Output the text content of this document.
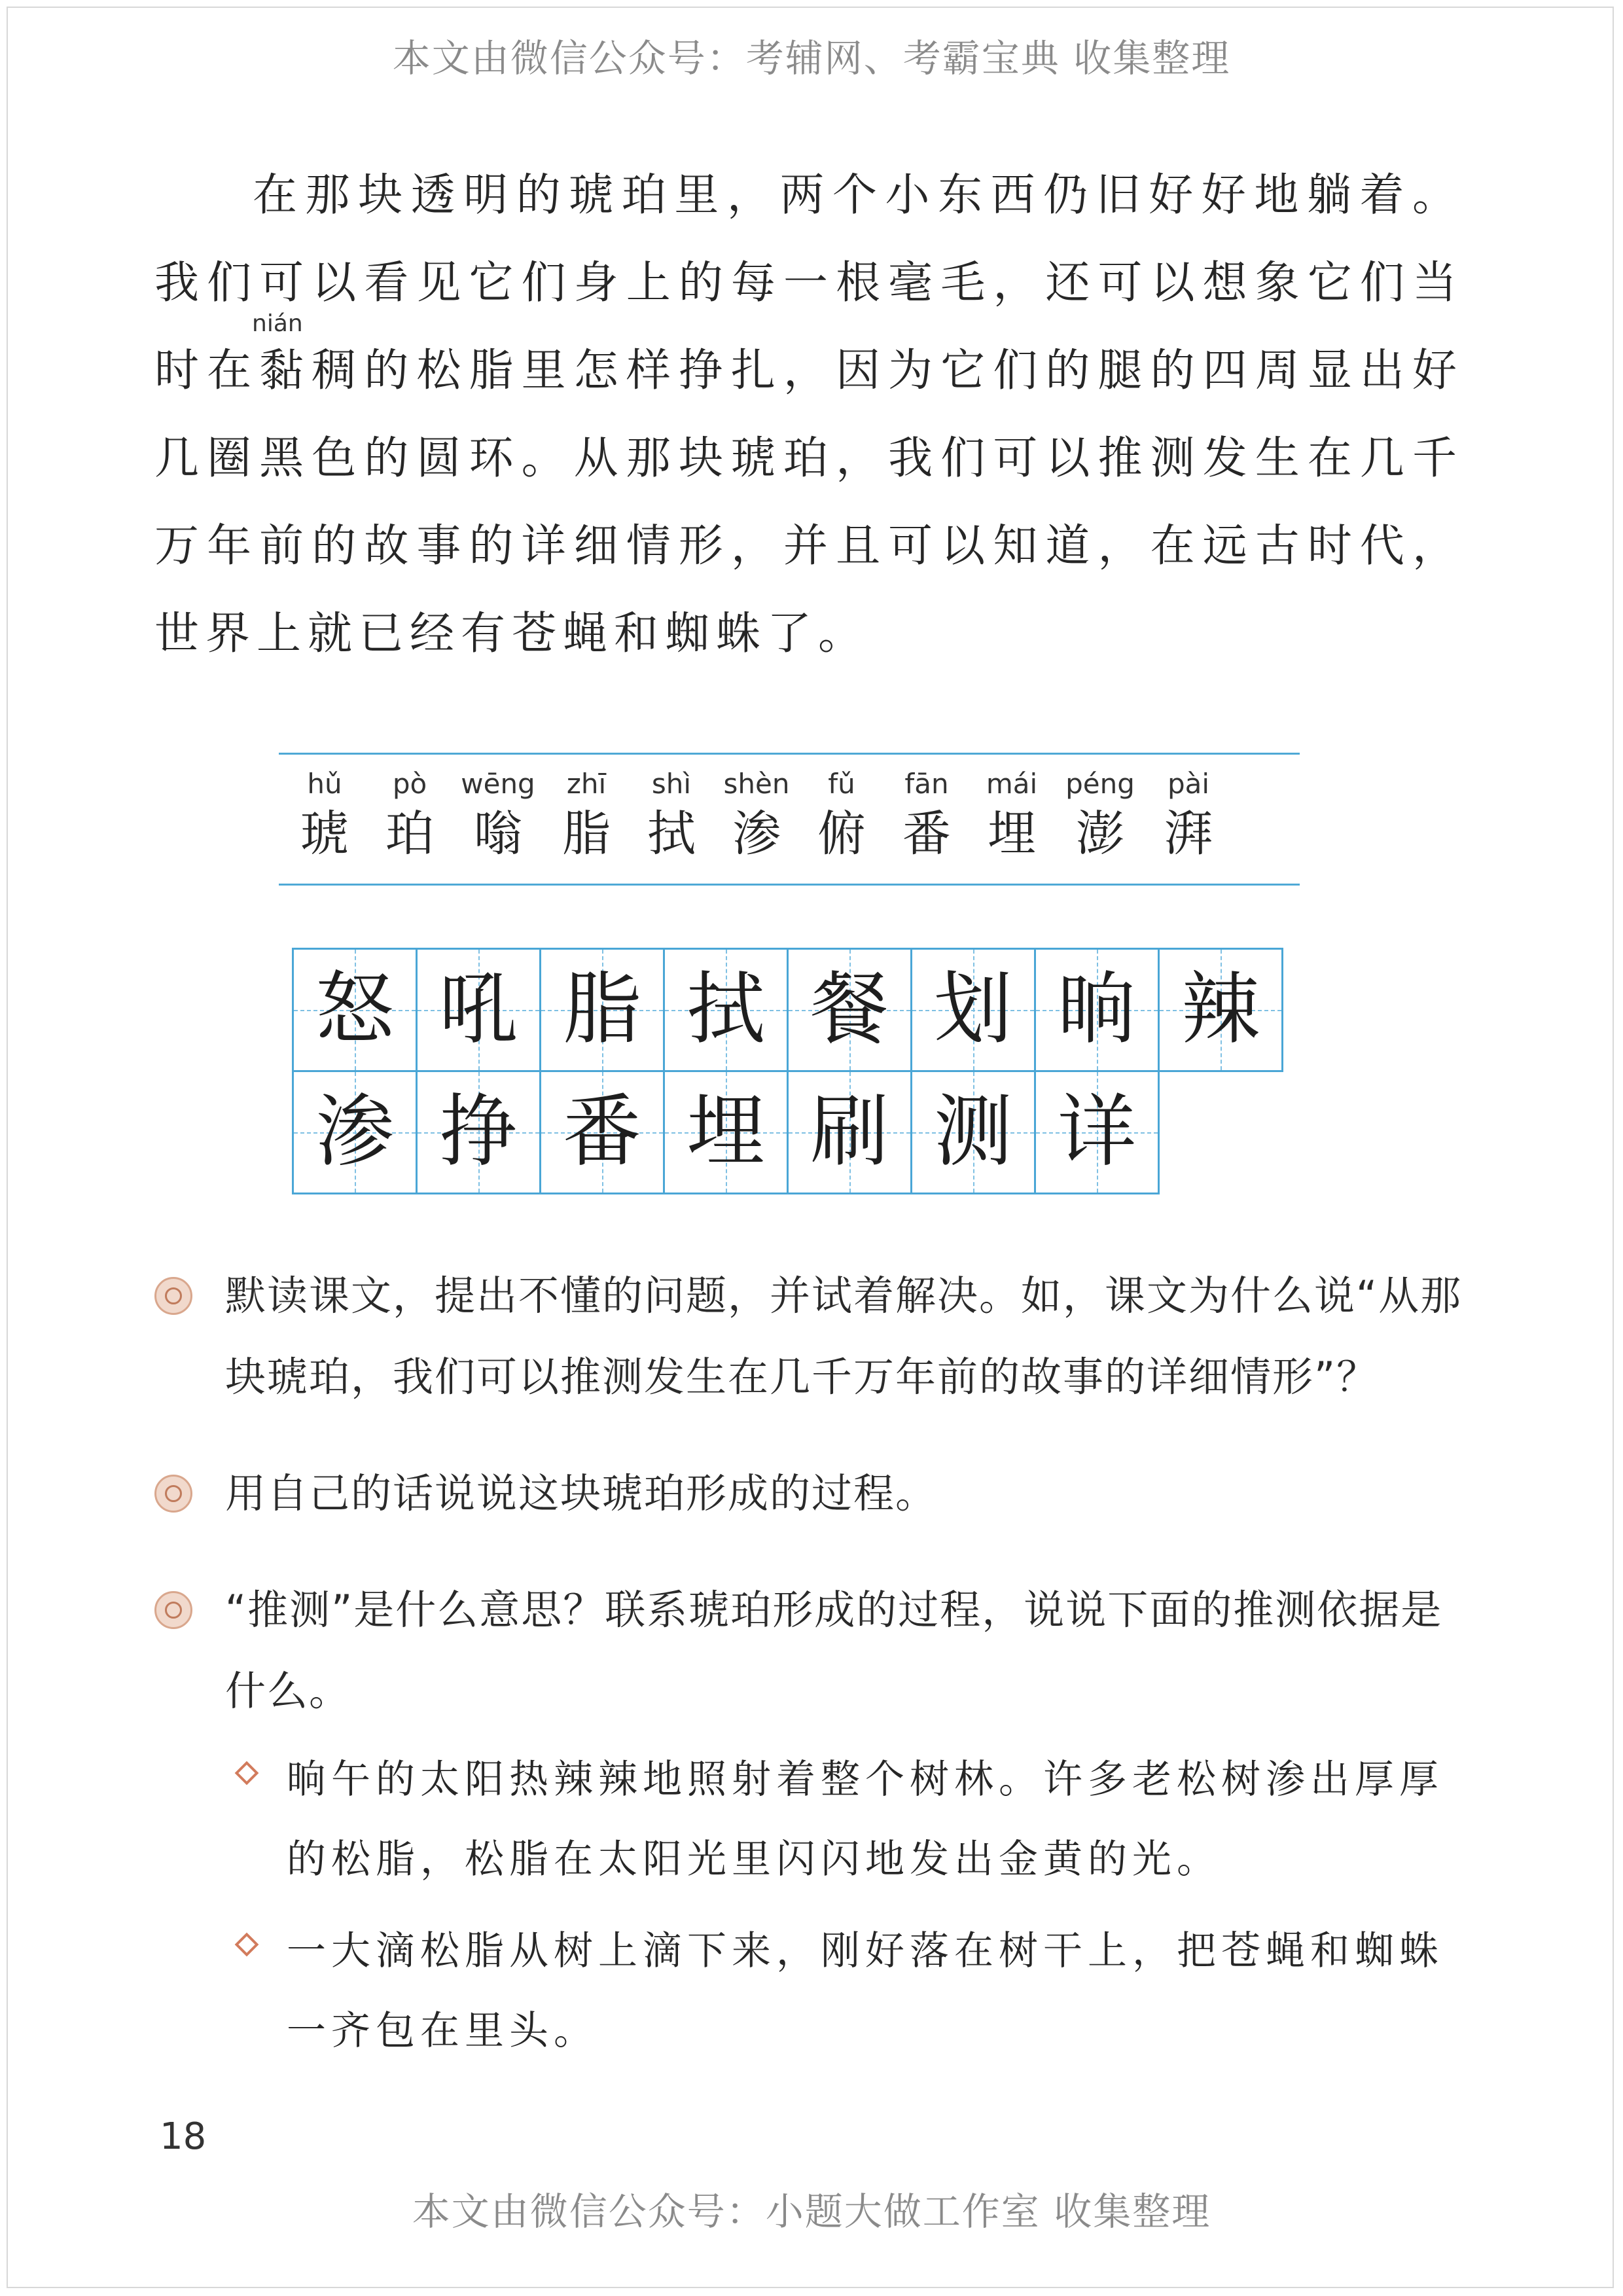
本文由微信公众号：考辅网、考霸宝典 收集整理

在那块透明的琥珀里，两个小东西仍旧好好地躺着。我们可以看见它们身上的每一根毫毛，还可以想象它们当时在黏稠的松脂里怎样挣扎，因为它们的腿的四周显出好几圈黑色的圆环。从那块琥珀，我们可以推测发生在几千万年前的故事的详细情形，并且可以知道，在远古时代，世界上就已经有苍蝇和蜘蛛了。

nián
hǔ
琥
pò
珀
wēng
嗡
zhī
脂
shì
拭
shèn
渗
fǔ
俯
fān
番
mái
埋
péng
澎
pài
湃
怒 吼 脂 拭 餐 划 晌 辣
渗 挣 番 埋 刷 测 详

默读课文，提出不懂的问题，并试着解决。如，课文为什么说“从那块琥珀，我们可以推测发生在几千万年前的故事的详细情形”？

用自己的话说说这块琥珀形成的过程。

“推测”是什么意思？联系琥珀形成的过程，说说下面的推测依据是什么。

晌午的太阳热辣辣地照射着整个树林。许多老松树渗出厚厚的松脂，松脂在太阳光里闪闪地发出金黄的光。

一大滴松脂从树上滴下来，刚好落在树干上，把苍蝇和蜘蛛一齐包在里头。

18
本文由微信公众号：小题大做工作室 收集整理
